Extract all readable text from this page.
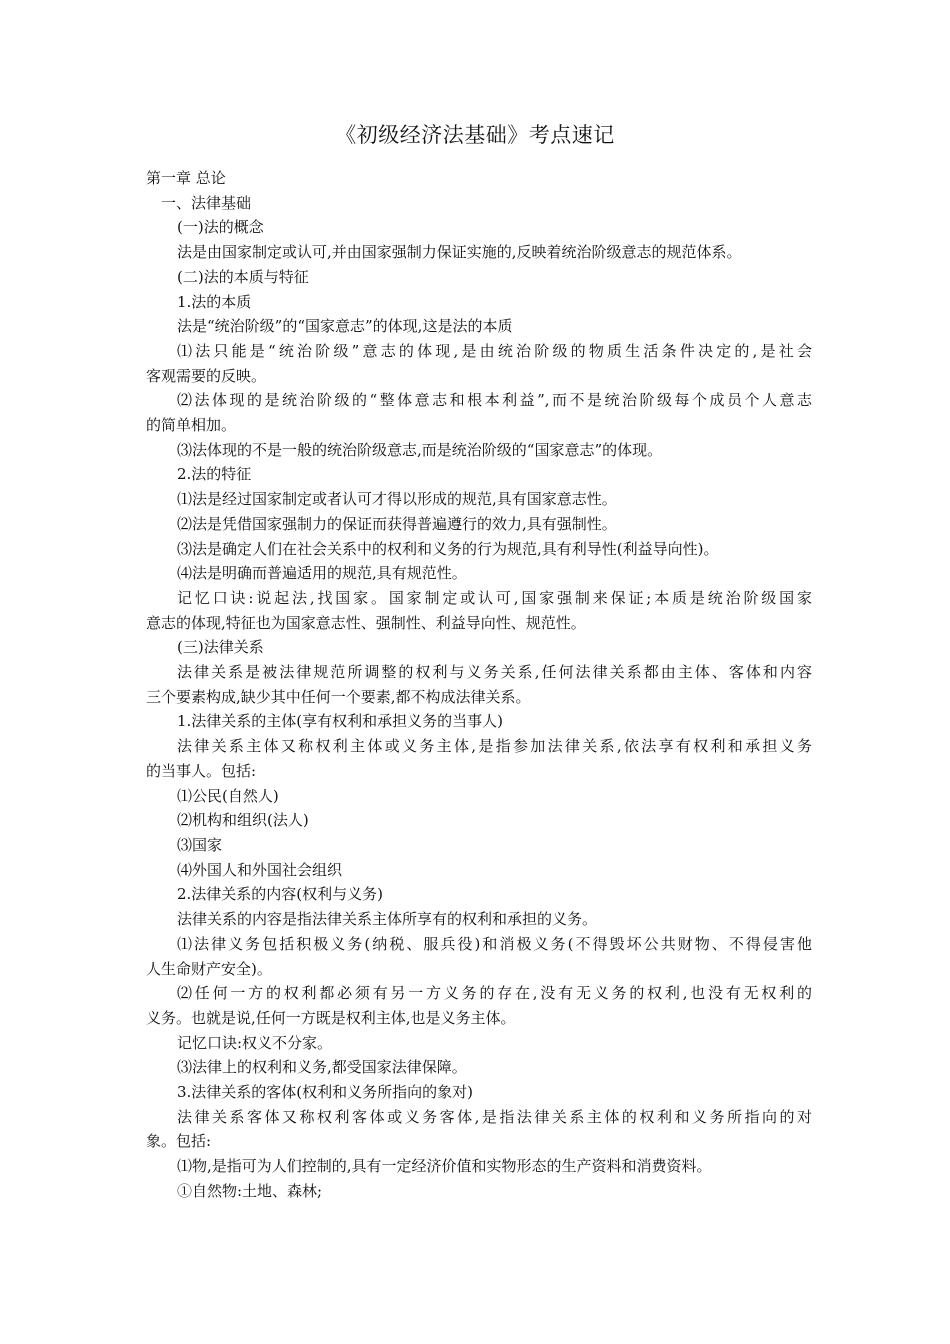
《初级经济法基础》考点速记

第一章 总论

一、法律基础

(一)法的概念

法是由国家制定或认可,并由国家强制力保证实施的,反映着统治阶级意志的规范体系。

(二)法的本质与特征

1.法的本质

法是“统治阶级”的“国家意志”的体现,这是法的本质

⑴法只能是“统治阶级”意志的体现,是由统治阶级的物质生活条件决定的,是社会

客观需要的反映。

⑵法体现的是统治阶级的“整体意志和根本利益”,而不是统治阶级每个成员个人意志

的简单相加。

⑶法体现的不是一般的统治阶级意志,而是统治阶级的“国家意志”的体现。

2.法的特征

⑴法是经过国家制定或者认可才得以形成的规范,具有国家意志性。

⑵法是凭借国家强制力的保证而获得普遍遵行的效力,具有强制性。

⑶法是确定人们在社会关系中的权利和义务的行为规范,具有利导性(利益导向性)。

⑷法是明确而普遍适用的规范,具有规范性。

记忆口诀:说起法,找国家。国家制定或认可,国家强制来保证;本质是统治阶级国家

意志的体现,特征也为国家意志性、强制性、利益导向性、规范性。

(三)法律关系

法律关系是被法律规范所调整的权利与义务关系,任何法律关系都由主体、客体和内容

三个要素构成,缺少其中任何一个要素,都不构成法律关系。

1.法律关系的主体(享有权利和承担义务的当事人)

法律关系主体又称权利主体或义务主体,是指参加法律关系,依法享有权利和承担义务

的当事人。包括:

⑴公民(自然人)

⑵机构和组织(法人)

⑶国家

⑷外国人和外国社会组织

2.法律关系的内容(权利与义务)

法律关系的内容是指法律关系主体所享有的权利和承担的义务。

⑴法律义务包括积极义务(纳税、服兵役)和消极义务(不得毁坏公共财物、不得侵害他

人生命财产安全)。

⑵任何一方的权利都必须有另一方义务的存在,没有无义务的权利,也没有无权利的

义务。也就是说,任何一方既是权利主体,也是义务主体。

记忆口诀:权义不分家。

⑶法律上的权利和义务,都受国家法律保障。

3.法律关系的客体(权利和义务所指向的象对)

法律关系客体又称权利客体或义务客体,是指法律关系主体的权利和义务所指向的对

象。包括:

⑴物,是指可为人们控制的,具有一定经济价值和实物形态的生产资料和消费资料。

①自然物:土地、森林;
